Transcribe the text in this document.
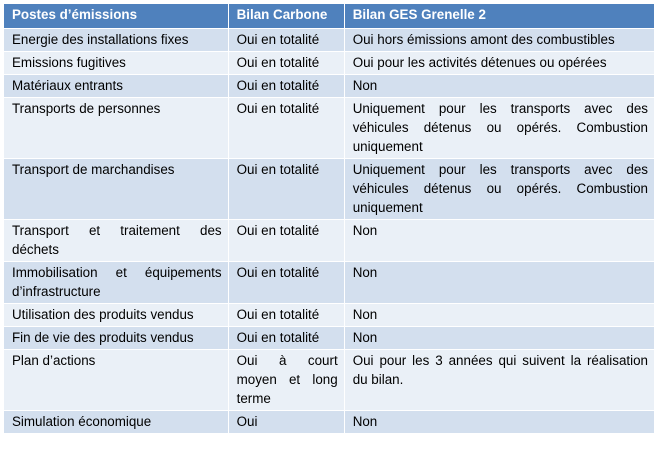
Postes d’émissions	Bilan Carbone	Bilan GES Grenelle 2
Energie des installations fixes	Oui en totalité	Oui hors émissions amont des combustibles
Emissions fugitives	Oui en totalité	Oui pour les activités détenues ou opérées
Matériaux entrants	Oui en totalité	Non
Transports de personnes	Oui en totalité	Uniquement pour les transports avec des véhicules détenus ou opérés. Combustion uniquement
Transport de marchandises	Oui en totalité	Uniquement pour les transports avec des véhicules détenus ou opérés. Combustion uniquement
Transport et traitement des déchets	Oui en totalité	Non
Immobilisation et équipements d’infrastructure	Oui en totalité	Non
Utilisation des produits vendus	Oui en totalité	Non
Fin de vie des produits vendus	Oui en totalité	Non
Plan d’actions	Oui à court moyen et long terme	Oui pour les 3 années qui suivent la réalisation du bilan.
Simulation économique	Oui	Non
